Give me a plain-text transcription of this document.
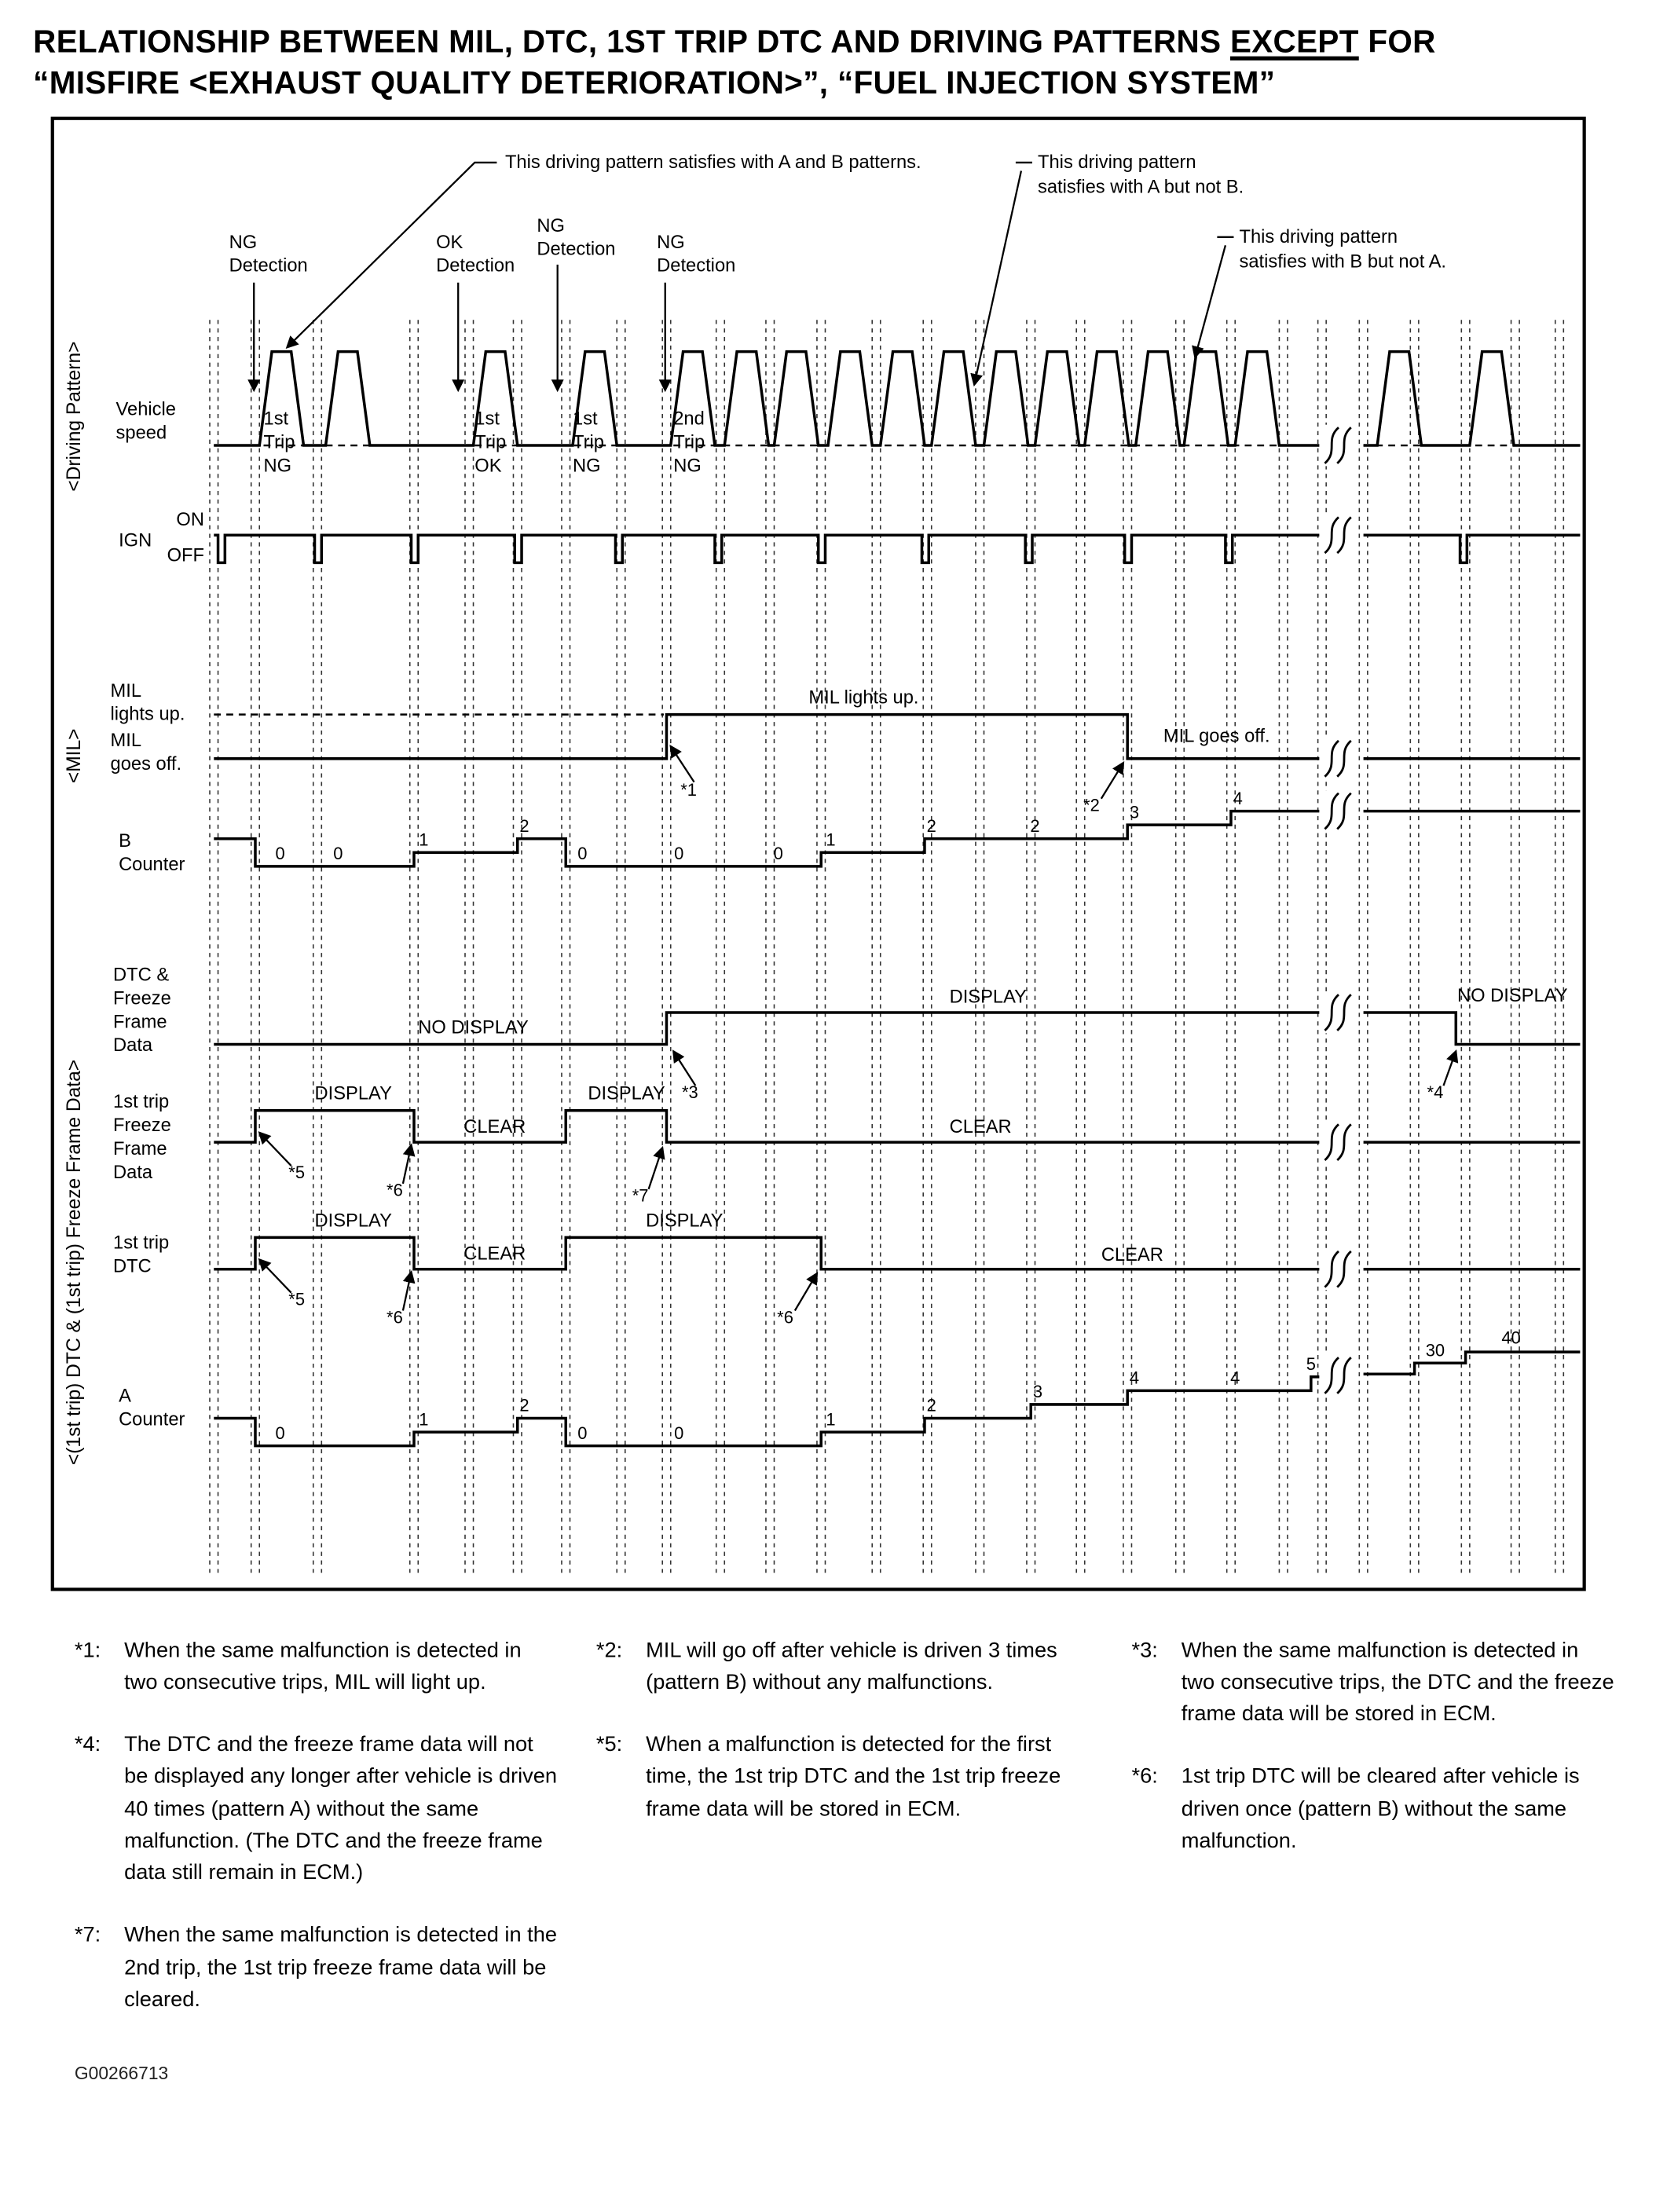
RELATIONSHIP BETWEEN MIL, DTC, 1ST TRIP DTC AND DRIVING PATTERNS EXCEPT FOR
“MISFIRE <EXHAUST QUALITY DETERIORATION>”, “FUEL INJECTION SYSTEM”
This driving pattern satisfies with A and B patterns.	This driving pattern
satisfies with A but not B.
This driving pattern
satisfies with B but not A.
NG
Detection
OK
Detection
NG
Detection	NG
Detection
<Driving Pattern>
<MIL>
<(1st trip) DTC & (1st trip) Freeze Frame Data>
Vehicle
speed
1st
Trip
NG
1st
Trip
OK
1st
Trip
NG
2nd
Trip
NG
IGN
ON
OFF
MIL
lights up.
MIL
goes off.
MIL lights up.
MIL goes off.
*1
*2
B
Counter
0	0
1
2
0	0	0
1
2	2
3
4
DTC &
Freeze
Frame
Data
NO DISPLAY
DISPLAY	NO DISPLAY
*3	*4
1st trip
Freeze
Frame
Data
DISPLAY
CLEAR
DISPLAY
CLEAR
*5
*6	*7
1st trip
DTC
DISPLAY
CLEAR
DISPLAY
CLEAR
*5
*6	*6
A
Counter
0
1
2
0	0
1
2
3
4	4
5
30
40
*1:	When the same malfunction is detected in two consecutive trips, MIL will light up.
*4:	The DTC and the freeze frame data will not be displayed any longer after vehicle is driven 40 times (pattern A) without the same malfunction. (The DTC and the freeze frame data still remain in ECM.)
*7:	When the same malfunction is detected in the 2nd trip, the 1st trip freeze frame data will be cleared.
*2:	MIL will go off after vehicle is driven 3 times (pattern B) without any malfunctions.
*5:	When a malfunction is detected for the first time, the 1st trip DTC and the 1st trip freeze frame data will be stored in ECM.
*3:	When the same malfunction is detected in two consecutive trips, the DTC and the freeze frame data will be stored in ECM.
*6:	1st trip DTC will be cleared after vehicle is driven once (pattern B) without the same malfunction.
G00266713
